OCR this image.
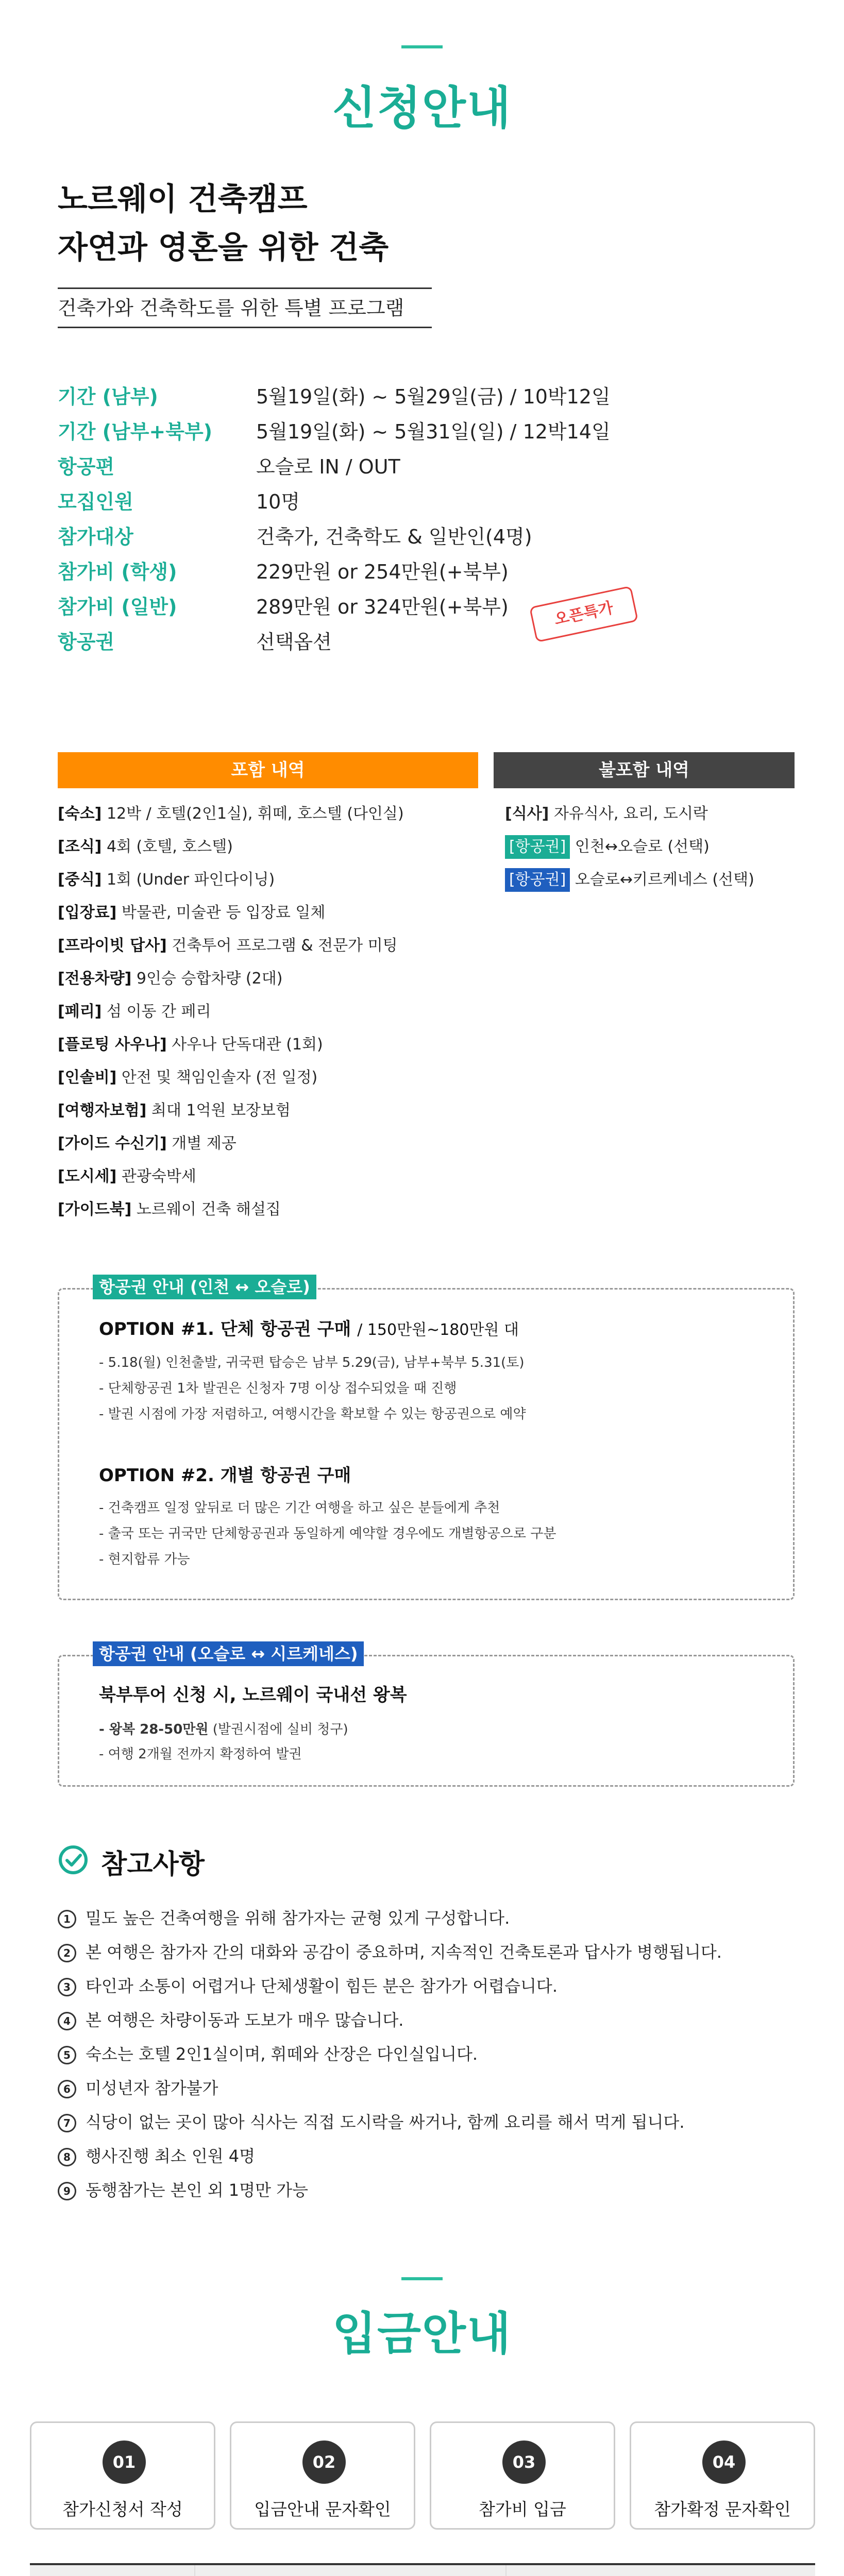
신청안내
노르웨이 건축캠프
자연과 영혼을 위한 건축
건축가와 건축학도를 위한 특별 프로그램
기간 (남부)	5월19일(화) ~ 5월29일(금) / 10박12일
기간 (남부+북부) 5월19일(화) ~ 5월31일(일) / 12박14일
항공편	오슬로 IN / OUT
모집인원	10명
참가대상	건축가, 건축학도 & 일반인(4명)
참가비 (학생)	229만원 or 254만원(+북부)
참가비 (일반)	289만원 or 324만원(+북부)
항공권	선택옵션
오픈특가
포함 내역	불포함 내역
[숙소] 12박 / 호텔(2인1실), 휘떼, 호스텔 (다인실)
[조식] 4회 (호텔, 호스텔)
[중식] 1회 (Under 파인다이닝)
[입장료] 박물관, 미술관 등 입장료 일체
[프라이빗 답사] 건축투어 프로그램 & 전문가 미팅
[전용차량] 9인승 승합차량 (2대)
[페리] 섬 이동 간 페리
[플로팅 사우나] 사우나 단독대관 (1회)
[인솔비] 안전 및 책임인솔자 (전 일정)
[여행자보험] 최대 1억원 보장보험
[가이드 수신기] 개별 제공
[도시세] 관광숙박세
[가이드북] 노르웨이 건축 해설집
[식사] 자유식사, 요리, 도시락
[항공권] 인천↔오슬로 (선택)
[항공권] 오슬로↔키르케네스 (선택)
항공권 안내 (인천 ↔ 오슬로)
OPTION #1. 단체 항공권 구매 / 150만원~180만원 대
- 5.18(월) 인천출발, 귀국편 탑승은 남부 5.29(금), 남부+북부 5.31(토)
- 단체항공권 1차 발권은 신청자 7명 이상 접수되었을 때 진행
- 발권 시점에 가장 저렴하고, 여행시간을 확보할 수 있는 항공권으로 예약
OPTION #2. 개별 항공권 구매
- 건축캠프 일정 앞뒤로 더 많은 기간 여행을 하고 싶은 분들에게 추천
- 출국 또는 귀국만 단체항공권과 동일하게 예약할 경우에도 개별항공으로 구분
- 현지합류 가능
항공권 안내 (오슬로 ↔ 시르케네스)
북부투어 신청 시, 노르웨이 국내선 왕복
- 왕복 28-50만원 (발권시점에 실비 청구)
- 여행 2개월 전까지 확정하여 발권
참고사항
1 밀도 높은 건축여행을 위해 참가자는 균형 있게 구성합니다.
2 본 여행은 참가자 간의 대화와 공감이 중요하며, 지속적인 건축토론과 답사가 병행됩니다.
3 타인과 소통이 어렵거나 단체생활이 힘든 분은 참가가 어렵습니다.
4 본 여행은 차량이동과 도보가 매우 많습니다.
5 숙소는 호텔 2인1실이며, 휘떼와 산장은 다인실입니다.
6 미성년자 참가불가
7 식당이 없는 곳이 많아 식사는 직접 도시락을 싸거나, 함께 요리를 해서 먹게 됩니다.
8 행사진행 최소 인원 4명
9 동행참가는 본인 외 1명만 가능
입금안내
01
참가신청서 작성
02
입금안내 문자확인
03
참가비 입금
04
참가확정 문자확인
